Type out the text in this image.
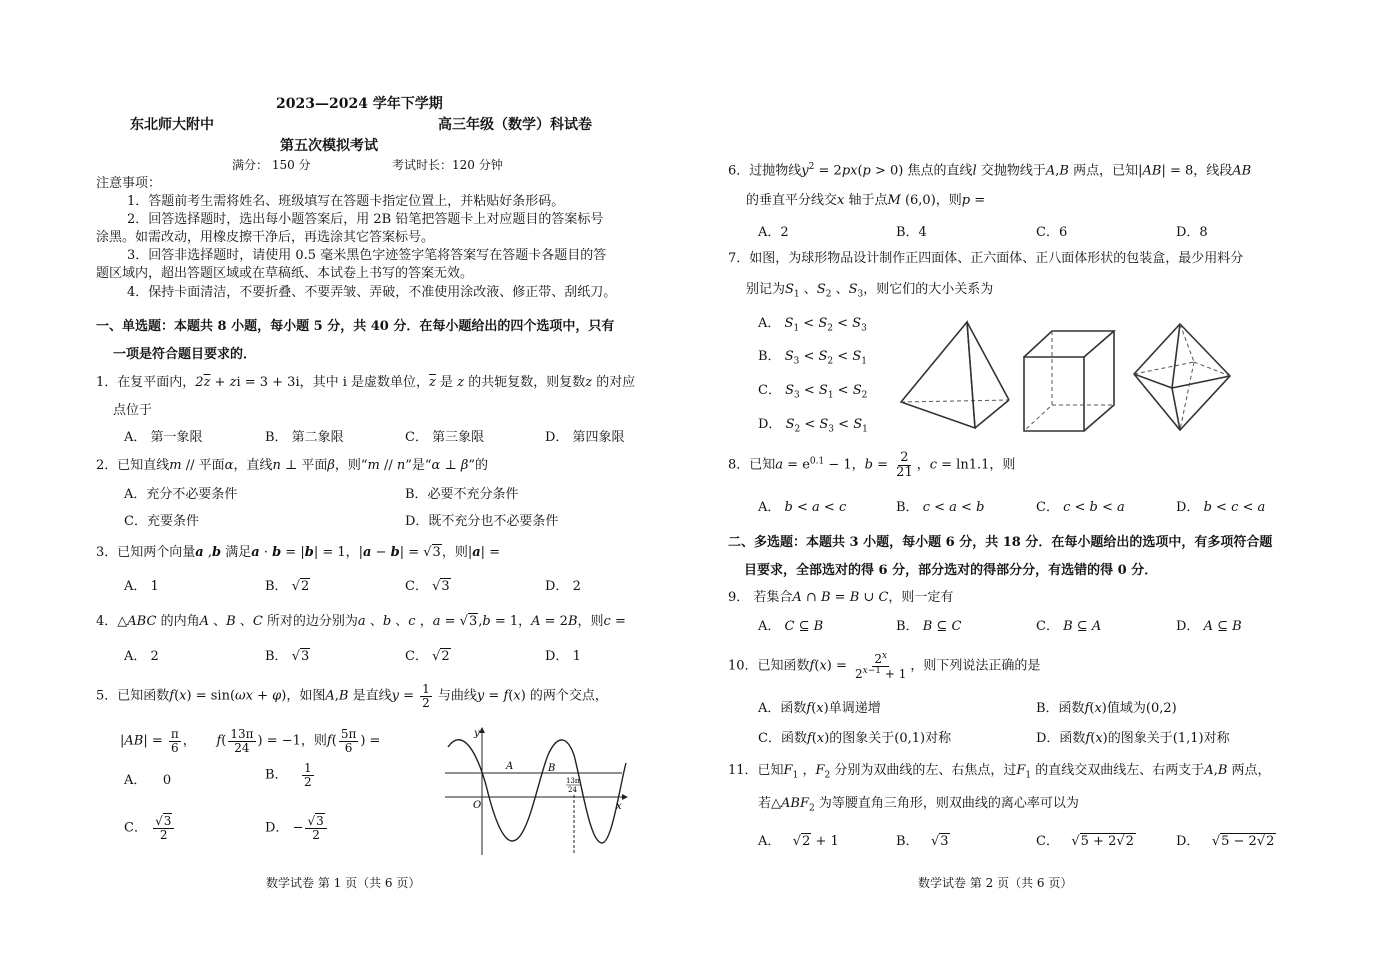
2023—2024 学年下学期
东北师大附中	高三年级（数学）科试卷
第五次模拟考试
满分： 150 分	考试时长：120 分钟
注意事项：
1．答题前考生需将姓名、班级填写在答题卡指定位置上，并粘贴好条形码。
2．回答选择题时，选出每小题答案后，用 2B 铅笔把答题卡上对应题目的答案标号
涂黑。如需改动，用橡皮擦干净后，再选涂其它答案标号。
3．回答非选择题时，请使用 0.5 毫米黑色字迹签字笔将答案写在答题卡各题目的答
题区域内，超出答题区域或在草稿纸、本试卷上书写的答案无效。
4．保持卡面清洁，不要折叠、不要弄皱、弄破，不准使用涂改液、修正带、刮纸刀。
一、单选题：本题共 8 小题，每小题 5 分，共 40 分．在每小题给出的四个选项中，只有
一项是符合题目要求的．
1．在复平面内，$2\overline{z}$ + zi = 3 + 3i，其中 i 是虚数单位，$\overline{z}$ 是 z 的共轭复数，则复数z 的对应
点位于
A． 第一象限	B． 第二象限	C． 第三象限	D． 第四象限
2．已知直线m // 平面α，直线n ⊥ 平面β，则“m // n”是“α ⊥ β”的
A．充分不必要条件	B．必要不充分条件
C．充要条件	D．既不充分也不必要条件
3．已知两个向量a ,b 满足a · b = |b| = 1，|a − b| = √3，则|a| =
A． 1	B． √2	C． √3	D． 2
4．△ABC 的内角A 、B 、C 所对的边分别为a 、b 、c ，a = √3,b = 1，A = 2B，则c =
A． 2	B． √3	C． √2	D． 1
5．已知函数f(x) = sin(ωx + φ)，如图A,B 是直线$y = \frac{1}{2}$ 与曲线y = f(x) 的两个交点，
$|AB| = \frac{\pi}{6}$ ，     $f( \frac{13\pi}{24}$ ) = −1，则$f( \frac{5\pi}{6}$ ) =
A． 0	B． $\frac{1}{2}$
C． $\frac{√3}{2}$	D． − $\frac{√3}{2}$
y
x
O
A	B
13π
24
数学试卷 第 1 页（共 6 页）
6．过抛物线$y^2 = 2px(p > 0)$ 焦点的直线l 交抛物线于A,B 两点，已知|AB| = 8，线段AB
的垂直平分线交x 轴于点M (6,0)，则p =
A．2	B．4	C．6	D．8
7．如图，为球形物品设计制作正四面体、正六面体、正八面体形状的包装盒，最少用料分
别记为$S_1$ 、$S_2$ 、$S_3$，则它们的大小关系为
A． $S_1 < S_2 < S_3$
B． $S_3 < S_2 < S_1$
C． $S_3 < S_1 < S_2$
D． $S_2 < S_3 < S_1$
8．已知$a = e^{0.1} - 1$，$b = \frac{2}{21}$ ，c = ln1.1，则
A． b < a < c	B． c < a < b	C． c < b < a	D． b < c < a
二、多选题：本题共 3 小题，每小题 6 分，共 18 分．在每小题给出的选项中，有多项符合题
目要求，全部选对的得 6 分，部分选对的得部分分，有选错的得 0 分．
9． 若集合A ∩ B = B ∪ C，则一定有
A． C ⊆ B	B． B ⊆ C	C． B ⊆ A	D． A ⊆ B
10．已知函数$f(x) = \frac{2^x}{2^{x-1} + 1}$ ，则下列说法正确的是
A．函数f(x)单调递增	B．函数f(x)值域为(0,2)
C．函数f(x)的图象关于(0,1)对称	D．函数f(x)的图象关于(1,1)对称
11．已知$F_1$ ，$F_2$ 分别为双曲线的左、右焦点，过$F_1$ 的直线交双曲线左、右两支于A,B 两点，
若$\triangle ABF_2$ 为等腰直角三角形，则双曲线的离心率可以为
A．   √2 + 1	B．   √3	C．   √5 + 2√2	D．   √5 − 2√2
数学试卷 第 2 页（共 6 页）
